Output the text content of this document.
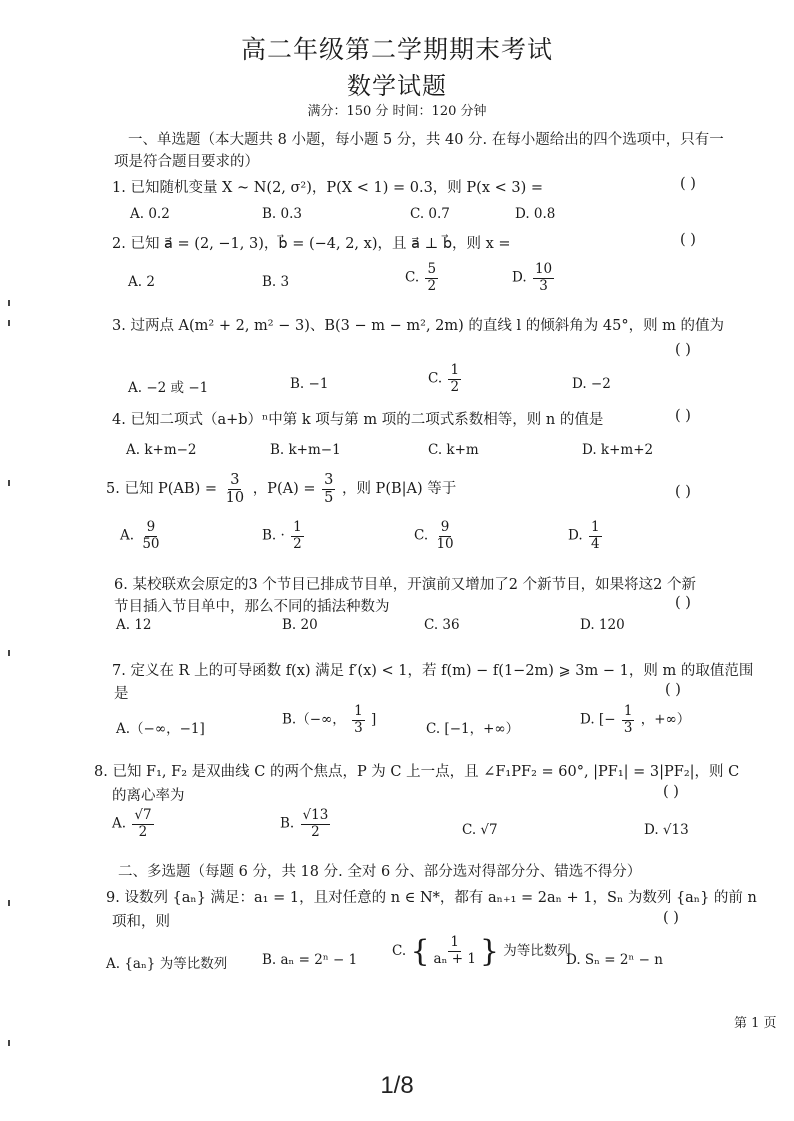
高二年级第二学期期末考试
数学试题
满分：150 分 时间：120 分钟
一、单选题（本大题共 8 小题，每小题 5 分，共 40 分. 在每小题给出的四个选项中，只有一
项是符合题目要求的）
1. 已知随机变量 X ~ N(2, σ²)，P(X < 1) = 0.3，则 P(x < 3) =	( )
A. 0.2	B. 0.3	C. 0.7	D. 0.8
2. 已知 a⃗ = (2, −1, 3)，b⃗ = (−4, 2, x)，且 a⃗ ⊥ b⃗，则 x =	( )
A. 2	B. 3	C. $\frac{5}{2}$	D. $\frac{10}{3}$
3. 过两点 A(m² + 2, m² − 3)、B(3 − m − m², 2m) 的直线 l 的倾斜角为 45°，则 m 的值为
( )
A. −2 或 −1	B. −1	C. $\frac{1}{2}$	D. −2
4. 已知二项式（a+b）ⁿ中第 k 项与第 m 项的二项式系数相等，则 n 的值是	( )
A. k+m−2	B. k+m−1	C. k+m	D. k+m+2
5. 已知 $P(AB) = \frac{3}{10}$ ，$P(A) = \frac{3}{5}$ ，则 P(B|A) 等于	( )
A. $\frac{9}{50}$	B. · $\frac{1}{2}$	C. $\frac{9}{10}$	D. $\frac{1}{4}$
6. 某校联欢会原定的3 个节目已排成节目单，开演前又增加了2 个新节目，如果将这2 个新
节目插入节目单中，那么不同的插法种数为	( )
A. 12	B. 20	C. 36	D. 120
7. 定义在 R 上的可导函数 f(x) 满足 f′(x) < 1，若 f(m) − f(1−2m) ⩾ 3m − 1，则 m 的取值范围
是	( )
A.（−∞，−1]
B.（−∞， $\frac{1}{3}$ ]
C. [−1，+∞）
D. [− $\frac{1}{3}$ ，+∞）
8. 已知 F₁, F₂ 是双曲线 C 的两个焦点，P 为 C 上一点，且 ∠F₁PF₂ = 60°, |PF₁| = 3|PF₂|，则 C
的离心率为	( )
A. $\frac{√7}{2}$	B. $\frac{√13}{2}$	C. √7	D. √13
二、多选题（每题 6 分，共 18 分. 全对 6 分、部分选对得部分分、错选不得分）
9. 设数列 {aₙ} 满足：a₁ = 1，且对任意的 n ∈ N*，都有 aₙ₊₁ = 2aₙ + 1，Sₙ 为数列 {aₙ} 的前 n
项和，则	( )
A. {aₙ} 为等比数列	B. aₙ = 2ⁿ − 1
C. { $\frac{1}{\text{aₙ + 1}}$ } 为等比数列
D. Sₙ = 2ⁿ − n
第 1 页
1/8
